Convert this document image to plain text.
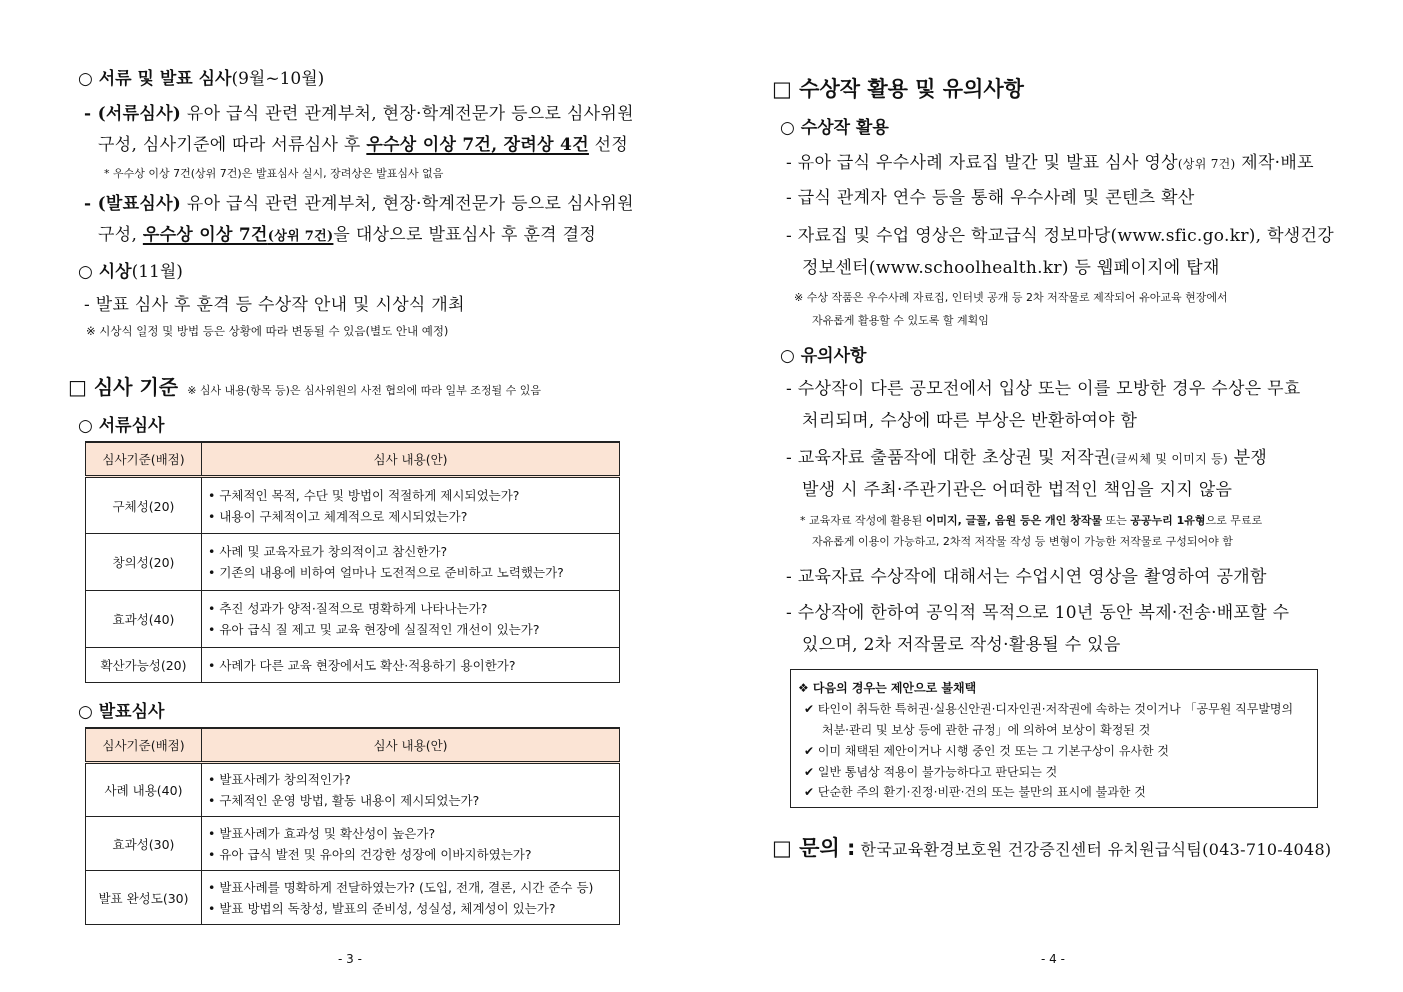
○ 서류 및 발표 심사(9월~10월)
- (서류심사) 유아 급식 관련 관계부처, 현장·학계전문가 등으로 심사위원
구성, 심사기준에 따라 서류심사 후 우수상 이상 7건, 장려상 4건 선정
* 우수상 이상 7건(상위 7건)은 발표심사 실시, 장려상은 발표심사 없음
- (발표심사) 유아 급식 관련 관계부처, 현장·학계전문가 등으로 심사위원
구성, 우수상 이상 7건(상위 7건)을 대상으로 발표심사 후 훈격 결정
○ 시상(11월)
- 발표 심사 후 훈격 등 수상작 안내 및 시상식 개최
※ 시상식 일정 및 방법 등은 상황에 따라 변동될 수 있음(별도 안내 예정)
□ 심사 기준 ※ 심사 내용(항목 등)은 심사위원의 사전 협의에 따라 일부 조정될 수 있음
○ 서류심사
심사기준(배점)	심사 내용(안)
구체성(20)	• 구체적인 목적, 수단 및 방법이 적절하게 제시되었는가?
• 내용이 구체적이고 체계적으로 제시되었는가?

창의성(20)	• 사례 및 교육자료가 창의적이고 참신한가?
• 기존의 내용에 비하여 얼마나 도전적으로 준비하고 노력했는가?

효과성(40)	• 추진 성과가 양적·질적으로 명확하게 나타나는가?
• 유아 급식 질 제고 및 교육 현장에 실질적인 개선이 있는가?

확산가능성(20)	• 사례가 다른 교육 현장에서도 확산·적용하기 용이한가?
○ 발표심사
심사기준(배점)	심사 내용(안)
사례 내용(40)	• 발표사례가 창의적인가?
• 구체적인 운영 방법, 활동 내용이 제시되었는가?

효과성(30)	• 발표사례가 효과성 및 확산성이 높은가?
• 유아 급식 발전 및 유아의 건강한 성장에 이바지하였는가?

발표 완성도(30)	• 발표사례를 명확하게 전달하였는가? (도입, 전개, 결론, 시간 준수 등)
• 발표 방법의 독창성, 발표의 준비성, 성실성, 체계성이 있는가?
- 3 -
□ 수상작 활용 및 유의사항
○ 수상작 활용
- 유아 급식 우수사례 자료집 발간 및 발표 심사 영상(상위 7건) 제작·배포
- 급식 관계자 연수 등을 통해 우수사례 및 콘텐츠 확산
- 자료집 및 수업 영상은 학교급식 정보마당(www.sfic.go.kr), 학생건강
정보센터(www.schoolhealth.kr) 등 웹페이지에 탑재
※ 수상 작품은 우수사례 자료집, 인터넷 공개 등 2차 저작물로 제작되어 유아교육 현장에서
자유롭게 활용할 수 있도록 할 계획임
○ 유의사항
- 수상작이 다른 공모전에서 입상 또는 이를 모방한 경우 수상은 무효
처리되며, 수상에 따른 부상은 반환하여야 함
- 교육자료 출품작에 대한 초상권 및 저작권(글씨체 및 이미지 등) 분쟁
발생 시 주최·주관기관은 어떠한 법적인 책임을 지지 않음
* 교육자료 작성에 활용된 이미지, 글꼴, 음원 등은 개인 창작물 또는 공공누리 1유형으로 무료로
자유롭게 이용이 가능하고, 2차적 저작물 작성 등 변형이 가능한 저작물로 구성되어야 함
- 교육자료 수상작에 대해서는 수업시연 영상을 촬영하여 공개함
- 수상작에 한하여 공익적 목적으로 10년 동안 복제·전송·배포할 수
있으며, 2차 저작물로 작성·활용될 수 있음
❖ 다음의 경우는 제안으로 불채택
✔ 타인이 취득한 특허권·실용신안권·디자인권·저작권에 속하는 것이거나 「공무원 직무발명의
처분·관리 및 보상 등에 관한 규정」에 의하여 보상이 확정된 것
✔ 이미 채택된 제안이거나 시행 중인 것 또는 그 기본구상이 유사한 것
✔ 일반 통념상 적용이 불가능하다고 판단되는 것
✔ 단순한 주의 환기·진정·비판·건의 또는 불만의 표시에 불과한 것
□ 문의 : 한국교육환경보호원 건강증진센터 유치원급식팀(043-710-4048)
- 4 -
